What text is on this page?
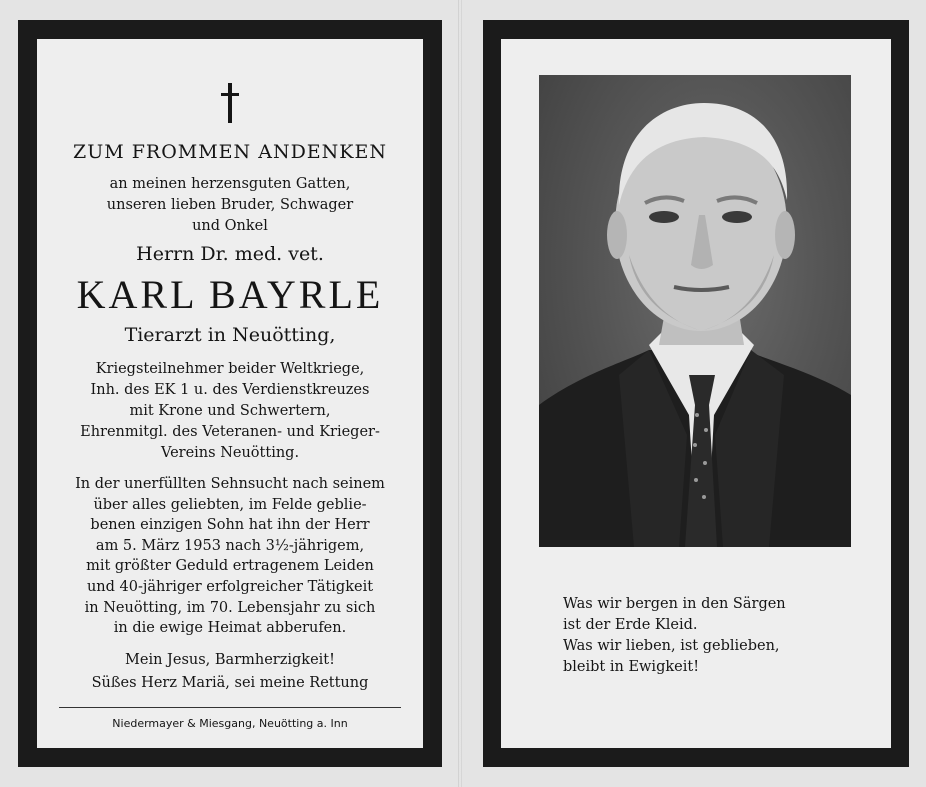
ZUM FROMMEN ANDENKEN
an meinen herzensguten Gatten,
unseren lieben Bruder, Schwager
und Onkel
Herrn Dr. med. vet.
KARL BAYRLE
Tierarzt in Neuötting,
Kriegsteilnehmer beider Weltkriege,
Inh. des EK 1 u. des Verdienstkreuzes
mit Krone und Schwertern,
Ehrenmitgl. des Veteranen- und Krieger-
Vereins Neuötting.
In der unerfüllten Sehnsucht nach seinem
über alles geliebten, im Felde geblie-
benen einzigen Sohn hat ihn der Herr
am 5. März 1953 nach 3½-jährigem,
mit größter Geduld ertragenem Leiden
und 40-jähriger erfolgreicher Tätigkeit
in Neuötting, im 70. Lebensjahr zu sich
in die ewige Heimat abberufen.
Mein Jesus, Barmherzigkeit!
Süßes Herz Mariä, sei meine Rettung
Niedermayer & Miesgang, Neuötting a. Inn
Was wir bergen in den Särgen
ist der Erde Kleid.
Was wir lieben, ist geblieben,
bleibt in Ewigkeit!
